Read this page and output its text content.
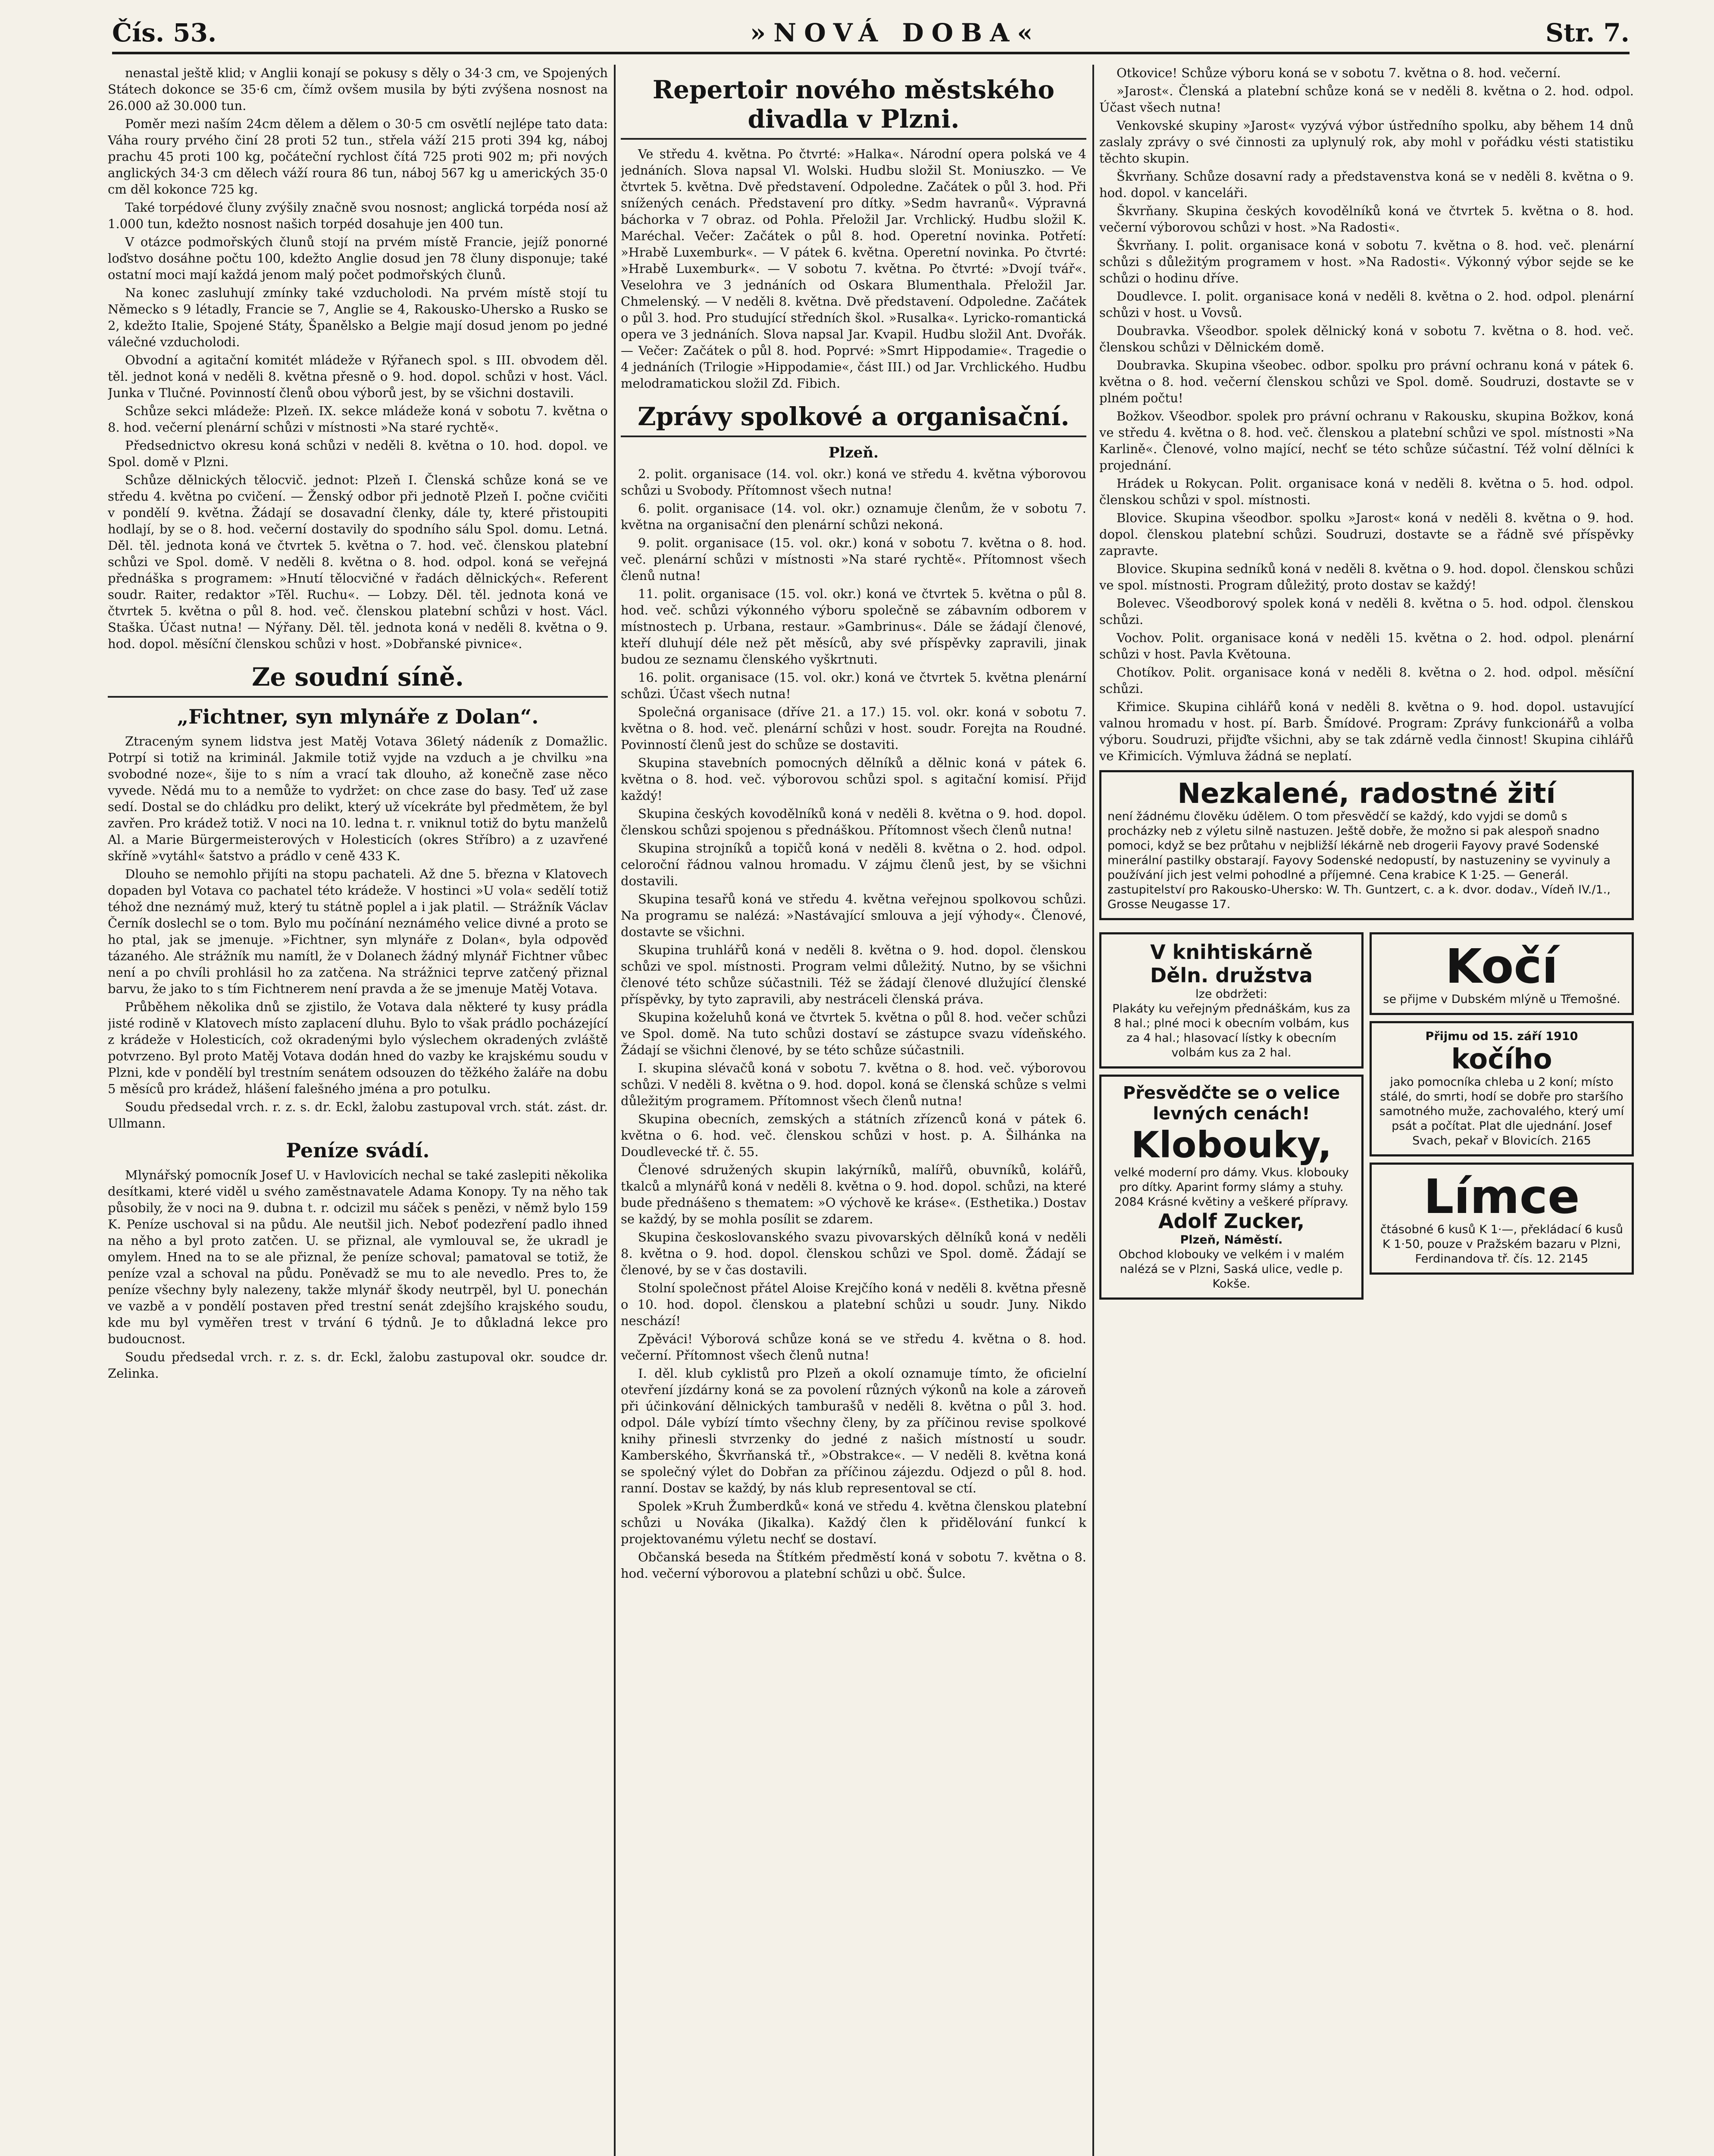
Čís. 53.	»NOVÁ DOBA«	Str. 7.

nenastal ještě klid; v Anglii konají se pokusy s děly o 34·3 cm, ve Spojených Státech dokonce se 35·6 cm, čímž ovšem musila by býti zvýšena nosnost na 26.000 až 30.000 tun.

Poměr mezi naším 24cm dělem a dělem o 30·5 cm osvětlí nejlépe tato data: Váha roury prvého činí 28 proti 52 tun., střela váží 215 proti 394 kg, náboj prachu 45 proti 100 kg, počáteční rychlost čítá 725 proti 902 m; při nových anglických 34·3 cm dělech váží roura 86 tun, náboj 567 kg u amerických 35·0 cm děl kokonce 725 kg.

Také torpédové čluny zvýšily značně svou nosnost; anglická torpéda nosí až 1.000 tun, kdežto nosnost našich torpéd dosahuje jen 400 tun.

V otázce podmořských člunů stojí na prvém místě Francie, jejíž ponorné loďstvo dosáhne počtu 100, kdežto Anglie dosud jen 78 čluny disponuje; také ostatní moci mají každá jenom malý počet podmořských člunů.

Na konec zasluhují zmínky také vzducholodi. Na prvém místě stojí tu Německo s 9 létadly, Francie se 7, Anglie se 4, Rakousko-Uhersko a Rusko se 2, kdežto Italie, Spojené Státy, Španělsko a Belgie mají dosud jenom po jedné válečné vzducholodi.

Obvodní a agitační komitét mládeže v Rýřanech spol. s III. obvodem děl. těl. jednot koná v neděli 8. května přesně o 9. hod. dopol. schůzi v host. Václ. Junka v Tlučné. Povinností členů obou výborů jest, by se všichni dostavili.

Schůze sekci mládeže: Plzeň. IX. sekce mládeže koná v sobotu 7. května o 8. hod. večerní plenární schůzi v místnosti »Na staré rychtě«.

Předsednictvo okresu koná schůzi v neděli 8. května o 10. hod. dopol. ve Spol. domě v Plzni.

Schůze dělnických tělocvič. jednot: Plzeň I. Členská schůze koná se ve středu 4. května po cvičení. — Ženský odbor při jednotě Plzeň I. počne cvičiti v pondělí 9. května. Žádají se dosavadní členky, dále ty, které přistoupiti hodlají, by se o 8. hod. večerní dostavily do spodního sálu Spol. domu. Letná. Děl. těl. jednota koná ve čtvrtek 5. května o 7. hod. več. členskou platební schůzi ve Spol. domě. V neděli 8. května o 8. hod. odpol. koná se veřejná přednáška s programem: »Hnutí tělocvičné v řadách dělnických«. Referent soudr. Raiter, redaktor »Těl. Ruchu«. — Lobzy. Děl. těl. jednota koná ve čtvrtek 5. května o půl 8. hod. več. členskou platební schůzi v host. Václ. Staška. Účast nutna! — Nýřany. Děl. těl. jednota koná v neděli 8. května o 9. hod. dopol. měsíční členskou schůzi v host. »Dobřanské pivnice«.

Ze soudní síně.
„Fichtner, syn mlynáře z Dolan“.

Ztraceným synem lidstva jest Matěj Votava 36letý nádeník z Domažlic. Potrpí si totiž na kriminál. Jakmile totiž vyjde na vzduch a je chvilku »na svobodné noze«, šije to s ním a vrací tak dlouho, až konečně zase něco vyvede. Nědá mu to a nemůže to vydržet: on chce zase do basy. Teď už zase sedí. Dostal se do chládku pro delikt, který už vícekráte byl předmětem, že byl zavřen. Pro krádež totiž. V noci na 10. ledna t. r. vniknul totiž do bytu manželů Al. a Marie Bürgermeisterových v Holesticích (okres Stříbro) a z uzavřené skříně »vytáhl« šatstvo a prádlo v ceně 433 K.

Dlouho se nemohlo přijíti na stopu pachateli. Až dne 5. března v Klatovech dopaden byl Votava co pachatel této krádeže. V hostinci »U vola« sedělí totiž téhož dne neznámý muž, který tu státně poplel a i jak platil. — Strážník Václav Černík doslechl se o tom. Bylo mu počínání neznámého velice divné a proto se ho ptal, jak se jmenuje. »Fichtner, syn mlynáře z Dolan«, byla odpověď tázaného. Ale strážník mu namítl, že v Dolanech žádný mlynář Fichtner vůbec není a po chvíli prohlásil ho za zatčena. Na strážnici teprve zatčený přiznal barvu, že jako to s tím Fichtnerem není pravda a že se jmenuje Matěj Votava.

Průběhem několika dnů se zjistilo, že Votava dala některé ty kusy prádla jisté rodině v Klatovech místo zaplacení dluhu. Bylo to však prádlo pocházející z krádeže v Holesticích, což okradenými bylo výslechem okradených zvláště potvrzeno. Byl proto Matěj Votava dodán hned do vazby ke krajskému soudu v Plzni, kde v pondělí byl trestním senátem odsouzen do těžkého žaláře na dobu 5 měsíců pro krádež, hlášení falešného jména a pro potulku.

Soudu předsedal vrch. r. z. s. dr. Eckl, žalobu zastupoval vrch. stát. zást. dr. Ullmann.

Peníze svádí.

Mlynářský pomocník Josef U. v Havlovicích nechal se také zaslepiti několika desítkami, které viděl u svého zaměstnavatele Adama Konopy. Ty na něho tak působily, že v noci na 9. dubna t. r. odcizil mu sáček s penězi, v němž bylo 159 K. Peníze uschoval si na půdu. Ale neutšil jich. Neboť podezření padlo ihned na něho a byl proto zatčen. U. se přiznal, ale vymlouval se, že ukradl je omylem. Hned na to se ale přiznal, že peníze schoval; pamatoval se totiž, že peníze vzal a schoval na půdu. Poněvadž se mu to ale nevedlo. Pres to, že peníze všechny byly nalezeny, takže mlynář škody neutrpěl, byl U. ponechán ve vazbě a v pondělí postaven před trestní senát zdejšího krajského soudu, kde mu byl vyměřen trest v trvání 6 týdnů. Je to důkladná lekce pro budoucnost.

Soudu předsedal vrch. r. z. s. dr. Eckl, žalobu zastupoval okr. soudce dr. Zelinka.

Repertoir nového městského divadla v Plzni.

Ve středu 4. května. Po čtvrté: »Halka«. Národní opera polská ve 4 jednáních. Slova napsal Vl. Wolski. Hudbu složil St. Moniuszko. — Ve čtvrtek 5. května. Dvě představení. Odpoledne. Začátek o půl 3. hod. Při snížených cenách. Představení pro dítky. »Sedm havranů«. Výpravná báchorka v 7 obraz. od Pohla. Přeložil Jar. Vrchlický. Hudbu složil K. Maréchal. Večer: Začátek o půl 8. hod. Operetní novinka. Potřetí: »Hrabě Luxemburk«. — V pátek 6. května. Operetní novinka. Po čtvrté: »Hrabě Luxemburk«. — V sobotu 7. května. Po čtvrté: »Dvojí tvář«. Veselohra ve 3 jednáních od Oskara Blumenthala. Přeložil Jar. Chmelenský. — V neděli 8. května. Dvě představení. Odpoledne. Začátek o půl 3. hod. Pro studující středních škol. »Rusalka«. Lyricko-romantická opera ve 3 jednáních. Slova napsal Jar. Kvapil. Hudbu složil Ant. Dvořák. — Večer: Začátek o půl 8. hod. Poprvé: »Smrt Hippodamie«. Tragedie o 4 jednáních (Trilogie »Hippodamie«, část III.) od Jar. Vrchlického. Hudbu melodramatickou složil Zd. Fibich.

Zprávy spolkové a organisační.
Plzeň.

2. polit. organisace (14. vol. okr.) koná ve středu 4. května výborovou schůzi u Svobody. Přítomnost všech nutna!

6. polit. organisace (14. vol. okr.) oznamuje členům, že v sobotu 7. května na organisační den plenární schůzi nekoná.

9. polit. organisace (15. vol. okr.) koná v sobotu 7. května o 8. hod. več. plenární schůzi v místnosti »Na staré rychtě«. Přítomnost všech členů nutna!

11. polit. organisace (15. vol. okr.) koná ve čtvrtek 5. května o půl 8. hod. več. schůzi výkonného výboru společně se zábavním odborem v místnostech p. Urbana, restaur. »Gambrinus«. Dále se žádají členové, kteří dluhují déle než pět měsíců, aby své příspěvky zapravili, jinak budou ze seznamu členského vyškrtnuti.

16. polit. organisace (15. vol. okr.) koná ve čtvrtek 5. května plenární schůzi. Účast všech nutna!

Společná organisace (dříve 21. a 17.) 15. vol. okr. koná v sobotu 7. května o 8. hod. več. plenární schůzi v host. soudr. Forejta na Roudné. Povinností členů jest do schůze se dostaviti.

Skupina stavebních pomocných dělníků a dělnic koná v pátek 6. května o 8. hod. več. výborovou schůzi spol. s agitační komisí. Přijď každý!

Skupina českých kovodělníků koná v neděli 8. května o 9. hod. dopol. členskou schůzi spojenou s přednáškou. Přítomnost všech členů nutna!

Skupina strojníků a topičů koná v neděli 8. května o 2. hod. odpol. celoroční řádnou valnou hromadu. V zájmu členů jest, by se všichni dostavili.

Skupina tesařů koná ve středu 4. května veřejnou spolkovou schůzi. Na programu se nalézá: »Nastávající smlouva a její výhody«. Členové, dostavte se všichni.

Skupina truhlářů koná v neděli 8. května o 9. hod. dopol. členskou schůzi ve spol. místnosti. Program velmi důležitý. Nutno, by se všichni členové této schůze súčastnili. Též se žádají členové dlužující členské příspěvky, by tyto zapravili, aby nestráceli členská práva.

Skupina koželuhů koná ve čtvrtek 5. května o půl 8. hod. večer schůzi ve Spol. domě. Na tuto schůzi dostaví se zástupce svazu vídeňského. Žádají se všichni členové, by se této schůze súčastnili.

I. skupina slévačů koná v sobotu 7. května o 8. hod. več. výborovou schůzi. V neděli 8. května o 9. hod. dopol. koná se členská schůze s velmi důležitým programem. Přítomnost všech členů nutna!

Skupina obecních, zemských a státních zřízenců koná v pátek 6. května o 6. hod. več. členskou schůzi v host. p. A. Šilhánka na Doudlevecké tř. č. 55.

Členové sdružených skupin lakýrníků, malířů, obuvníků, kolářů, tkalců a mlynářů koná v neděli 8. května o 9. hod. dopol. schůzi, na které bude přednášeno s thematem: »O výchově ke kráse«. (Esthetika.) Dostav se každý, by se mohla posílit se zdarem.

Skupina českoslovanského svazu pivovarských dělníků koná v neděli 8. května o 9. hod. dopol. členskou schůzi ve Spol. domě. Žádají se členové, by se v čas dostavili.

Stolní společnost přátel Aloise Krejčího koná v neděli 8. května přesně o 10. hod. dopol. členskou a platební schůzi u soudr. Juny. Nikdo neschází!

Zpěváci! Výborová schůze koná se ve středu 4. května o 8. hod. večerní. Přítomnost všech členů nutna!

I. děl. klub cyklistů pro Plzeň a okolí oznamuje tímto, že oficielní otevření jízdárny koná se za povolení různých výkonů na kole a zároveň při účinkování dělnických tamburašů v neděli 8. května o půl 3. hod. odpol. Dále vybízí tímto všechny členy, by za příčinou revise spolkové knihy přinesli stvrzenky do jedné z našich místností u soudr. Kamberského, Škvrňanská tř., »Obstrakce«. — V neděli 8. května koná se společný výlet do Dobřan za příčinou zájezdu. Odjezd o půl 8. hod. ranní. Dostav se každý, by nás klub representoval se ctí.

Spolek »Kruh Žumberdků« koná ve středu 4. května členskou platební schůzi u Nováka (Jikalka). Každý člen k přidělování funkcí k projektovanému výletu nechť se dostaví.

Občanská beseda na Štítkém předměstí koná v sobotu 7. května o 8. hod. večerní výborovou a platební schůzi u obč. Šulce.

Otkovice! Schůze výboru koná se v sobotu 7. května o 8. hod. večerní.

»Jarost«. Členská a platební schůze koná se v neděli 8. května o 2. hod. odpol. Účast všech nutna!

Venkovské skupiny »Jarost« vyzývá výbor ústředního spolku, aby během 14 dnů zaslaly zprávy o své činnosti za uplynulý rok, aby mohl v pořádku vésti statistiku těchto skupin.

Škvrňany. Schůze dosavní rady a představenstva koná se v neděli 8. května o 9. hod. dopol. v kanceláři.

Škvrňany. Skupina českých kovodělníků koná ve čtvrtek 5. května o 8. hod. večerní výborovou schůzi v host. »Na Radosti«.

Škvrňany. I. polit. organisace koná v sobotu 7. května o 8. hod. več. plenární schůzi s důležitým programem v host. »Na Radosti«. Výkonný výbor sejde se ke schůzi o hodinu dříve.

Doudlevce. I. polit. organisace koná v neděli 8. května o 2. hod. odpol. plenární schůzi v host. u Vovsů.

Doubravka. Všeodbor. spolek dělnický koná v sobotu 7. května o 8. hod. več. členskou schůzi v Dělnickém domě.

Doubravka. Skupina všeobec. odbor. spolku pro právní ochranu koná v pátek 6. května o 8. hod. večerní členskou schůzi ve Spol. domě. Soudruzi, dostavte se v plném počtu!

Božkov. Všeodbor. spolek pro právní ochranu v Rakousku, skupina Božkov, koná ve středu 4. května o 8. hod. več. členskou a platební schůzi ve spol. místnosti »Na Karlině«. Členové, volno mající, nechť se této schůze súčastní. Též volní dělníci k projednání.

Hrádek u Rokycan. Polit. organisace koná v neděli 8. května o 5. hod. odpol. členskou schůzi v spol. místnosti.

Blovice. Skupina všeodbor. spolku »Jarost« koná v neděli 8. května o 9. hod. dopol. členskou platební schůzi. Soudruzi, dostavte se a řádně své příspěvky zapravte.

Blovice. Skupina sedníků koná v neděli 8. května o 9. hod. dopol. členskou schůzi ve spol. místnosti. Program důležitý, proto dostav se každý!

Bolevec. Všeodborový spolek koná v neděli 8. května o 5. hod. odpol. členskou schůzi.

Vochov. Polit. organisace koná v neděli 15. května o 2. hod. odpol. plenární schůzi v host. Pavla Květouna.

Chotíkov. Polit. organisace koná v neděli 8. května o 2. hod. odpol. měsíční schůzi.

Křimice. Skupina cihlářů koná v neděli 8. května o 9. hod. dopol. ustavující valnou hromadu v host. pí. Barb. Šmídové. Program: Zprávy funkcionářů a volba výboru. Soudruzi, přijďte všichni, aby se tak zdárně vedla činnost! Skupina cihlářů ve Křimicích. Výmluva žádná se neplatí.

Nezkalené, radostné žití
není žádnému člověku údělem. O tom přesvědčí se každý, kdo vyjdi se domů s procházky neb z výletu silně nastuzen. Ještě dobře, že možno si pak alespoň snadno pomoci, když se bez průtahu v nejbližší lékárně neb drogerii Fayovy pravé Sodenské minerální pastilky obstarají. Fayovy Sodenské nedopustí, by nastuzeniny se vyvinuly a používání jich jest velmi pohodlné a příjemné. Cena krabice K 1·25. — Generál. zastupitelství pro Rakousko-Uhersko: W. Th. Guntzert, c. a k. dvor. dodav., Vídeň IV./1., Grosse Neugasse 17.
V knihtiskárně
Děln. družstva
lze obdržeti:
Plakáty ku veřejným přednáškám, kus za 8 hal.; plné moci k obecním volbám, kus za 4 hal.; hlasovací lístky k obecním volbám kus za 2 hal.
Přesvědčte se o velice levných cenách!
Klobouky,
velké moderní pro dámy. Vkus. klobouky pro dítky. Aparint formy slámy a stuhy. 2084 Krásné květiny a veškeré přípravy.
Adolf Zucker,
Plzeň, Náměstí.
Obchod klobouky ve velkém i v malém nalézá se v Plzni, Saská ulice, vedle p. Kokše.
Kočí
se přijme v Dubském mlýně u Třemošné.
Přijmu od 15. září 1910
kočího
jako pomocníka chleba u 2 koní; místo stálé, do smrti, hodí se dobře pro staršího samotného muže, zachovalého, který umí psát a počítat. Plat dle ujednání. Josef Svach, pekař v Blovicích. 2165
Límce
čtásobné 6 kusů K 1·—, překládací 6 kusů K 1·50, pouze v Pražském bazaru v Plzni, Ferdinandova tř. čís. 12. 2145
